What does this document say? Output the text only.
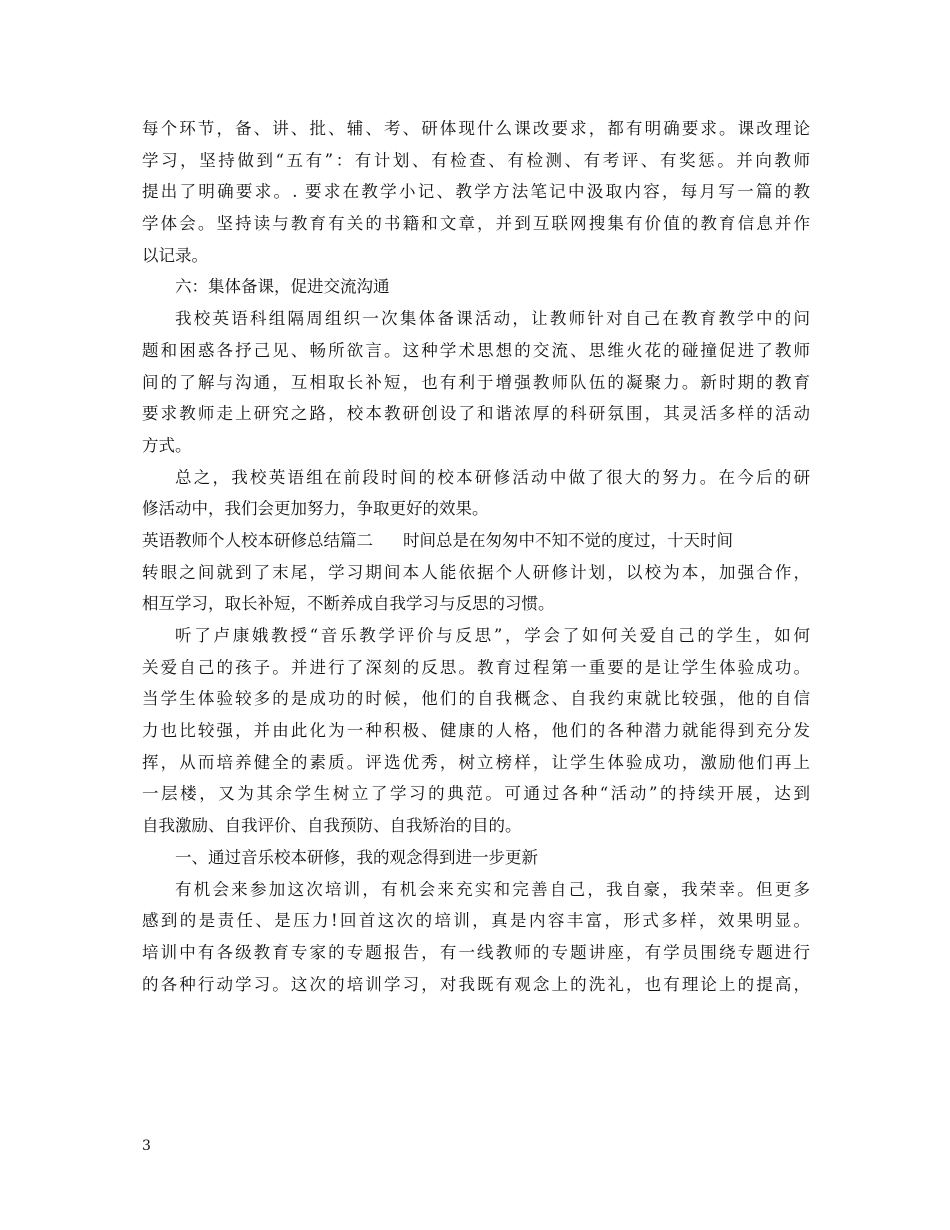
每个环节，备、讲、批、辅、考、研体现什么课改要求，都有明确要求。课改理论
学习，坚持做到“五有”：有计划、有检查、有检测、有考评、有奖惩。并向教师
提出了明确要求。. 要求在教学小记、教学方法笔记中汲取内容，每月写一篇的教
学体会。坚持读与教育有关的书籍和文章，并到互联网搜集有价值的教育信息并作
以记录。
六：集体备课，促进交流沟通
我校英语科组隔周组织一次集体备课活动，让教师针对自己在教育教学中的问
题和困惑各抒己见、畅所欲言。这种学术思想的交流、思维火花的碰撞促进了教师
间的了解与沟通，互相取长补短，也有利于增强教师队伍的凝聚力。新时期的教育
要求教师走上研究之路，校本教研创设了和谐浓厚的科研氛围，其灵活多样的活动
方式。
总之，我校英语组在前段时间的校本研修活动中做了很大的努力。在今后的研
修活动中，我们会更加努力，争取更好的效果。
英语教师个人校本研修总结篇二 时间总是在匆匆中不知不觉的度过，十天时间
转眼之间就到了末尾，学习期间本人能依据个人研修计划，以校为本，加强合作，
相互学习，取长补短，不断养成自我学习与反思的习惯。
听了卢康娥教授“音乐教学评价与反思”，学会了如何关爱自己的学生，如何
关爱自己的孩子。并进行了深刻的反思。教育过程第一重要的是让学生体验成功。
当学生体验较多的是成功的时候，他们的自我概念、自我约束就比较强，他的自信
力也比较强，并由此化为一种积极、健康的人格，他们的各种潜力就能得到充分发
挥，从而培养健全的素质。评选优秀，树立榜样，让学生体验成功，激励他们再上
一层楼，又为其余学生树立了学习的典范。可通过各种“活动”的持续开展，达到
自我激励、自我评价、自我预防、自我矫治的目的。
一、通过音乐校本研修，我的观念得到进一步更新
有机会来参加这次培训，有机会来充实和完善自己，我自豪，我荣幸。但更多
感到的是责任、是压力!回首这次的培训，真是内容丰富，形式多样，效果明显。
培训中有各级教育专家的专题报告，有一线教师的专题讲座，有学员围绕专题进行
的各种行动学习。这次的培训学习，对我既有观念上的洗礼，也有理论上的提高，
3
